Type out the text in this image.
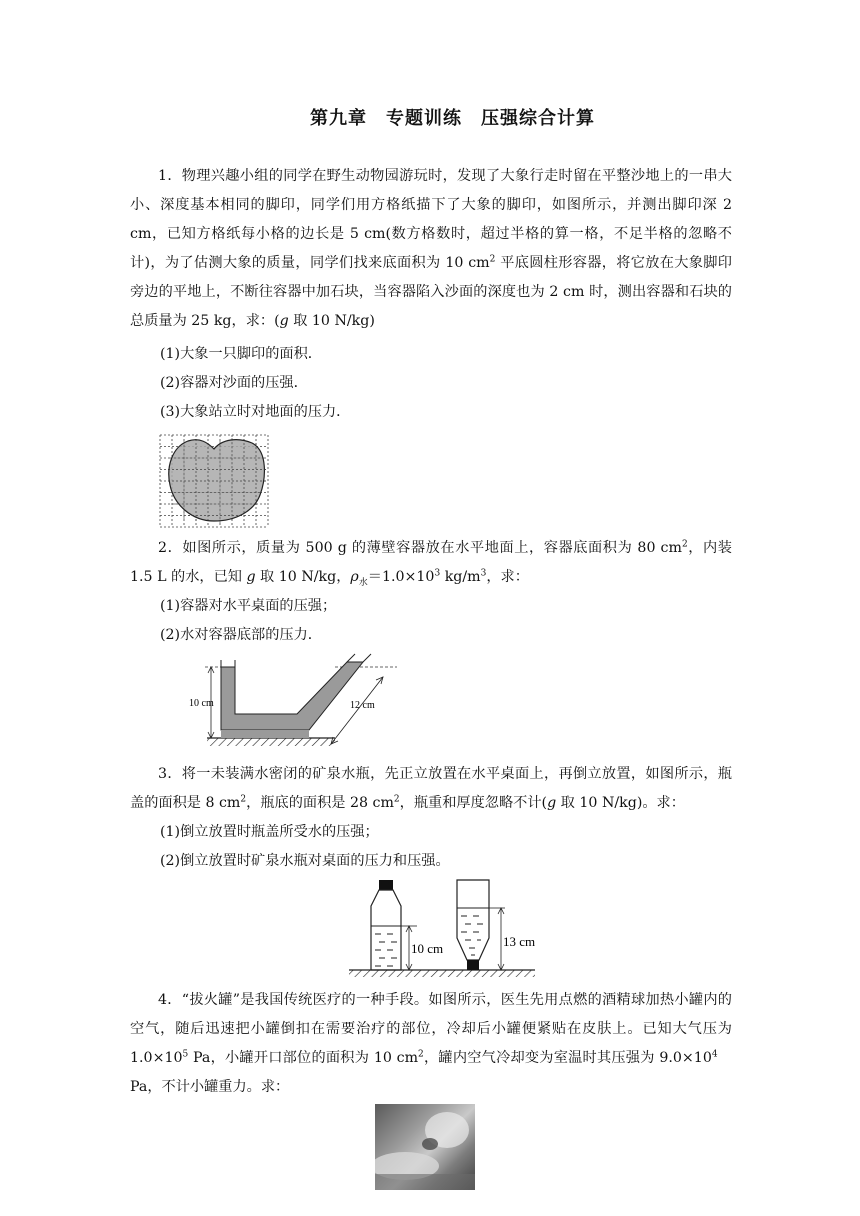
第九章　专题训练　压强综合计算
1．物理兴趣小组的同学在野生动物园游玩时，发现了大象行走时留在平整沙地上的一串大小、深度基本相同的脚印，同学们用方格纸描下了大象的脚印，如图所示，并测出脚印深 2 cm，已知方格纸每小格的边长是 5 cm(数方格数时，超过半格的算一格，不足半格的忽略不计)，为了估测大象的质量，同学们找来底面积为 10 $cm^2$ 平底圆柱形容器，将它放在大象脚印旁边的平地上，不断往容器中加石块，当容器陷入沙面的深度也为 2 cm 时，测出容器和石块的总质量为 25 kg，求：(g 取 10 N/kg)
(1)大象一只脚印的面积．
(2)容器对沙面的压强．
(3)大象站立时对地面的压力．
2．如图所示，质量为 500 g 的薄壁容器放在水平地面上，容器底面积为 80 $cm^2$，内装 1.5 L 的水，已知 g 取 10 N/kg，$\rho_水=1.0\times 10^3$ $kg/m^3$，求：
(1)容器对水平桌面的压强；
(2)水对容器底部的压力．
10 cm	12 cm
3．将一未装满水密闭的矿泉水瓶，先正立放置在水平桌面上，再倒立放置，如图所示，瓶盖的面积是 8 $cm^2$，瓶底的面积是 28 $cm^2$，瓶重和厚度忽略不计(g 取 10 N/kg)。求：
(1)倒立放置时瓶盖所受水的压强；
(2)倒立放置时矿泉水瓶对桌面的压力和压强。
10 cm	13 cm
4．“拔火罐”是我国传统医疗的一种手段。如图所示，医生先用点燃的酒精球加热小罐内的空气，随后迅速把小罐倒扣在需要治疗的部位，冷却后小罐便紧贴在皮肤上。已知大气压为 $1.0\times 10^5$ Pa，小罐开口部位的面积为 10 $cm^2$，罐内空气冷却变为室温时其压强为 $9.0\times 10^4$　Pa，不计小罐重力。求：
